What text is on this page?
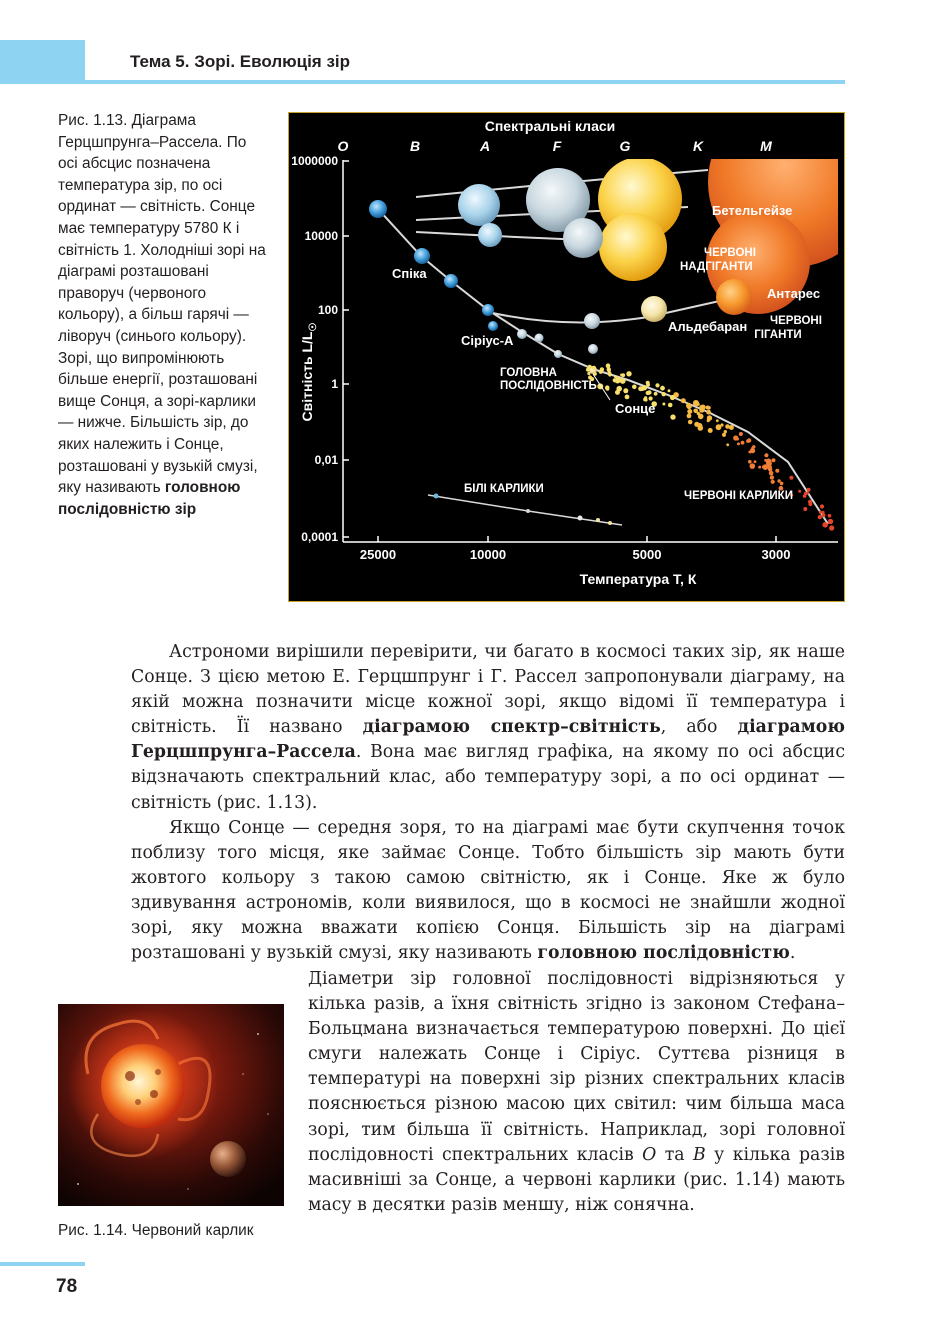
Тема 5. Зорі. Еволюція зір
Рис. 1.13. Діаграма Герцшпрунга–Рассела. По осі абсцис позначена температура зір, по осі ординат — світність. Сонце має температуру 5780 К і світність 1. Холодніші зорі на діаграмі розташовані праворуч (червоного кольору), а більш гарячі — ліворуч (синього кольору). Зорі, що випромінюють більше енергії, розташовані вище Сонця, а зорі-карлики — нижче. Більшість зір, до яких належить і Сонце, розташовані у вузькій смузі, яку називають головною послідовністю зір
Спектральні класи
O	B	A	F	G	K	M
1000000
10000
100
1
0,01
0,0001
25000	10000	5000	3000
Температура T, К
Світність $L/L_☉$
Бетельгейзе
ЧЕРВОНІ
НАДГІГАНТИ
Антарес
Спіка
Альдебаран ЧЕРВОНІ
ГІГАНТИ
Сіріус-А
ГОЛОВНА
ПОСЛІДОВНІСТЬ
Сонце
БІЛІ КАРЛИКИ
ЧЕРВОНІ КАРЛИКИ

Астрономи вирішили перевірити, чи багато в космосі таких зір, як наше Сонце. З цією метою Е. Герцшпрунг і Г. Рассел запропонували діаграму, на якій можна позначити місце кожної зорі, якщо відомі її температура і світність. Її названо діаграмою спектр–світність, або діаграмою Герцшпрунга–Рассела. Вона має вигляд графіка, на якому по осі абсцис відзначають спектральний клас, або температуру зорі, а по осі ординат — світність (рис. 1.13).

Якщо Сонце — середня зоря, то на діаграмі має бути скупчення точок поблизу того місця, яке займає Сонце. Тобто більшість зір мають бути жовтого кольору з такою самою світністю, як і Сонце. Яке ж було здивування астрономів, коли виявилося, що в космосі не знайшли жодної зорі, яку можна вважати копією Сонця. Більшість зір на діаграмі розташовані у вузькій смузі, яку називають головною послідовністю.

Діаметри зір головної послідовності відрізняються у кілька разів, а їхня світність згідно із законом Стефана–Больцмана визначається температурою поверхні. До цієї смуги належать Сонце і Сіріус. Суттєва різниця в температурі на поверхні зір різних спектральних класів пояснюється різною масою цих світил: чим більша маса зорі, тим більша її світність. Наприклад, зорі головної послідовності спектральних класів O та B у кілька разів масивніші за Сонце, а червоні карлики (рис. 1.14) мають масу в десятки разів меншу, ніж сонячна.

Рис. 1.14. Червоний карлик
78
